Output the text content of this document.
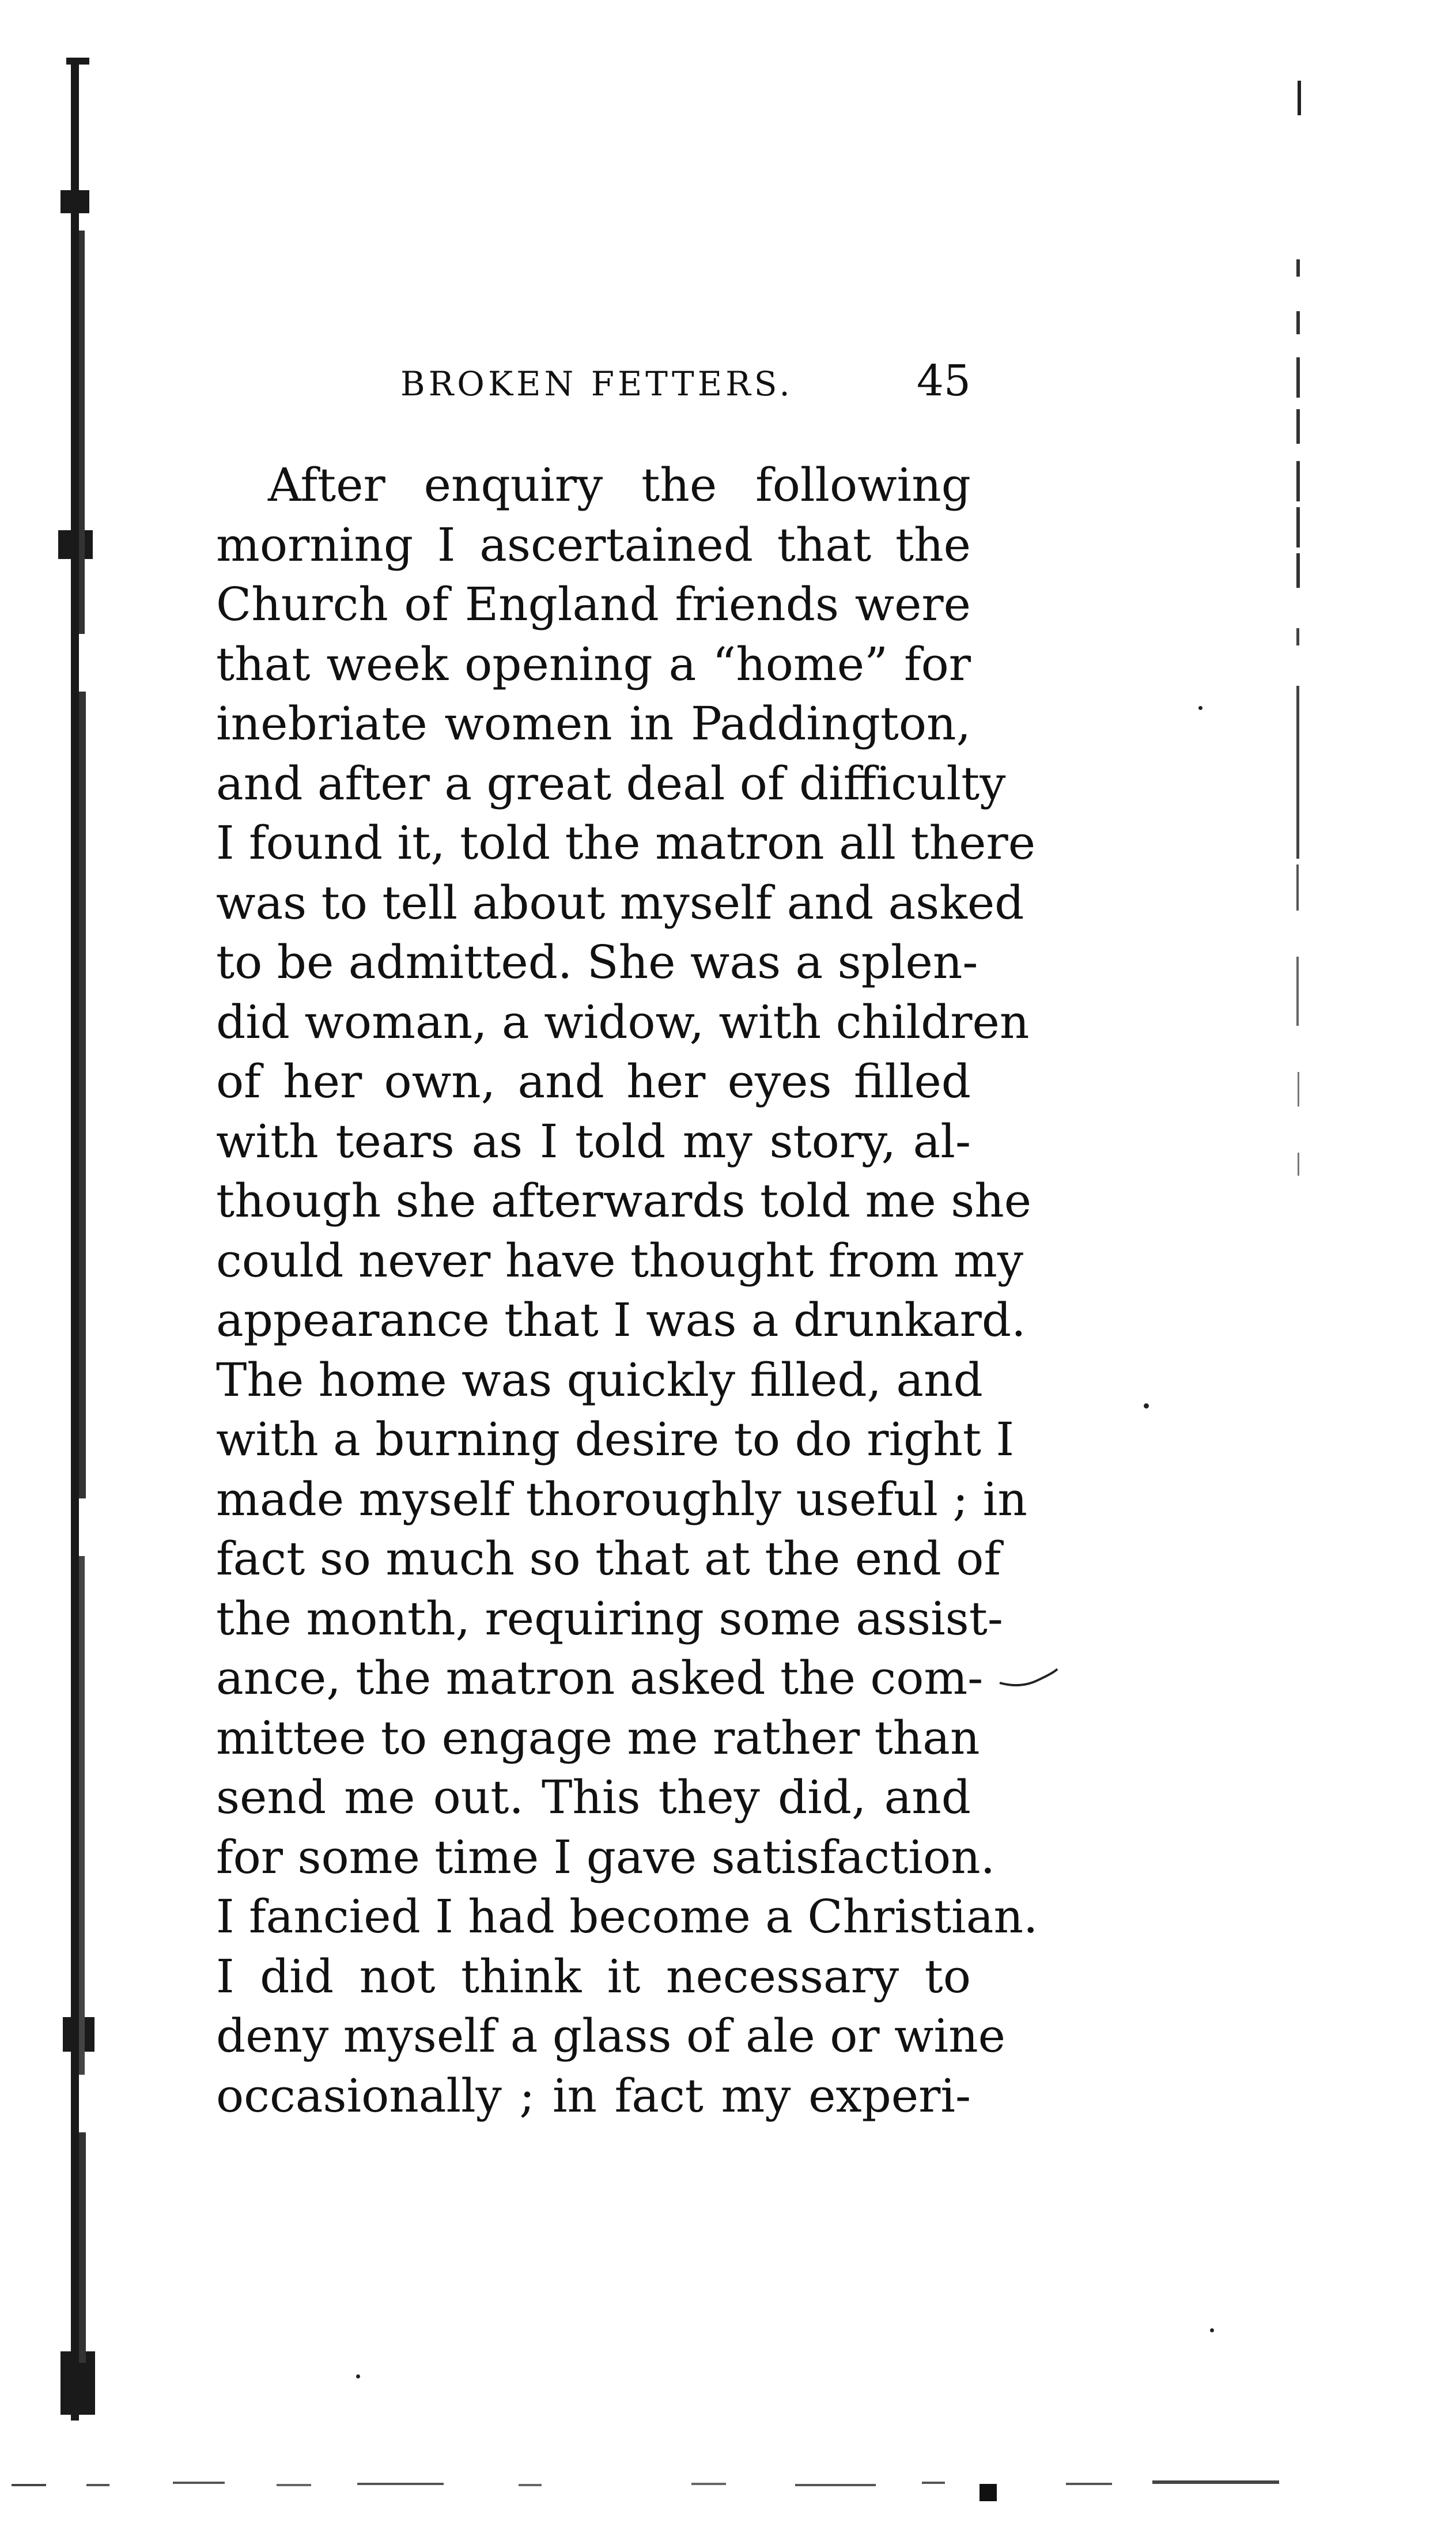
BROKEN FETTERS.	45
After enquiry the following
morning I ascertained that the
Church of England friends were
that week opening a “home” for
inebriate women in Paddington,
and after a great deal of difficulty
I found it, told the matron all there
was to tell about myself and asked
to be admitted. She was a splen-
did woman, a widow, with children
of her own, and her eyes filled
with tears as I told my story, al-
though she afterwards told me she
could never have thought from my
appearance that I was a drunkard.
The home was quickly filled, and
with a burning desire to do right I
made myself thoroughly useful ; in
fact so much so that at the end of
the month, requiring some assist-
ance, the matron asked the com-
mittee to engage me rather than
send me out. This they did, and
for some time I gave satisfaction.
I fancied I had become a Christian.
I did not think it necessary to
deny myself a glass of ale or wine
occasionally ; in fact my experi-
